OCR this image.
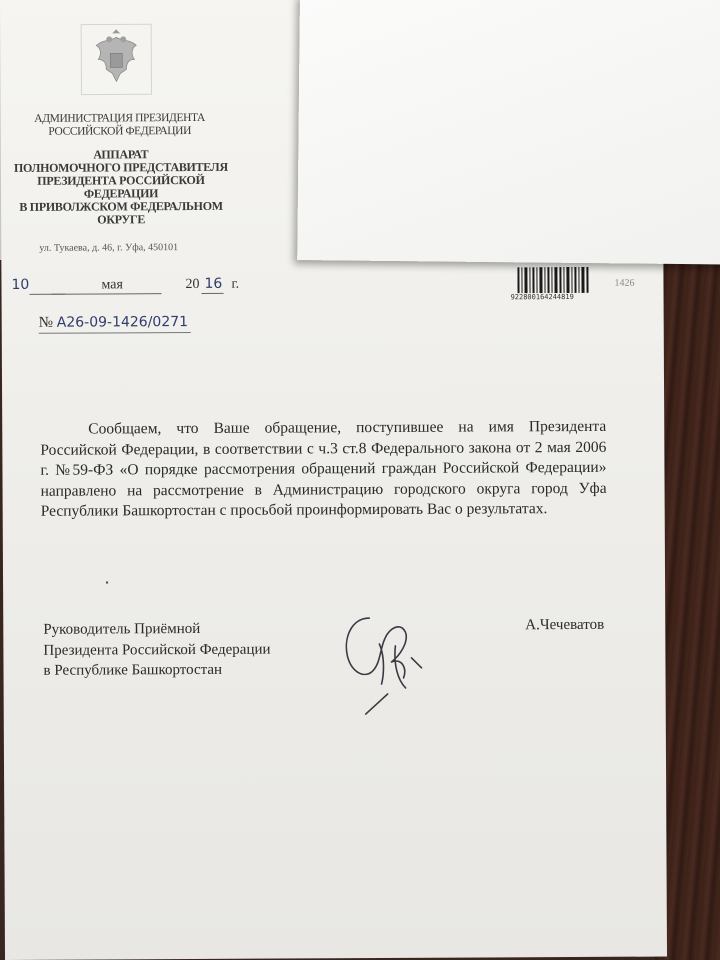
АДМИНИСТРАЦИЯ ПРЕЗИДЕНТА
РОССИЙСКОЙ ФЕДЕРАЦИИ
АППАРАТ
ПОЛНОМОЧНОГО ПРЕДСТАВИТЕЛЯ
ПРЕЗИДЕНТА РОССИЙСКОЙ ФЕДЕРАЦИИ
В ПРИВОЛЖСКОМ ФЕДЕРАЛЬНОМ ОКРУГЕ
ул. Тукаева, д. 46, г. Уфа, 450101
10	мая	20 16 г.
922800164244819
1426
№ А26-09-1426/0271
Сообщаем, что Ваше обращение, поступившее на имя Президента Российской Федерации, в соответствии с ч.3 ст.8 Федерального закона от 2 мая 2006 г. №59-ФЗ «О порядке рассмотрения обращений граждан Российской Федерации» направлено на рассмотрение в Администрацию городского округа город Уфа Республики Башкортостан с просьбой проинформировать Вас о результатах.
Руководитель Приёмной
Президента Российской Федерации
в Республике Башкортостан
А.Чечеватов
